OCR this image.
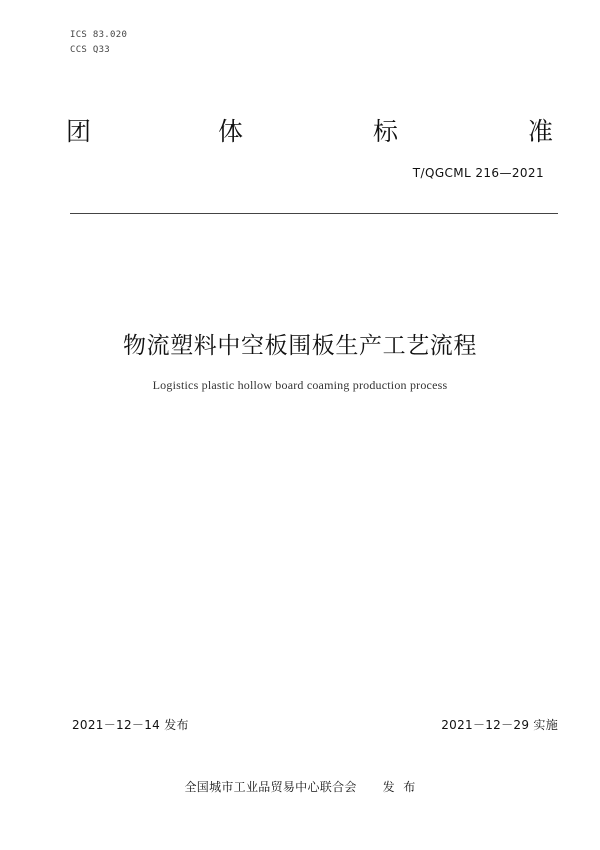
ICS 83.020
CCS Q33
团	体	标	准
T/QGCML 216—2021
物流塑料中空板围板生产工艺流程
Logistics plastic hollow board coaming production process
2021－12－14 发布	2021－12－29 实施
全国城市工业品贸易中心联合会 发  布
